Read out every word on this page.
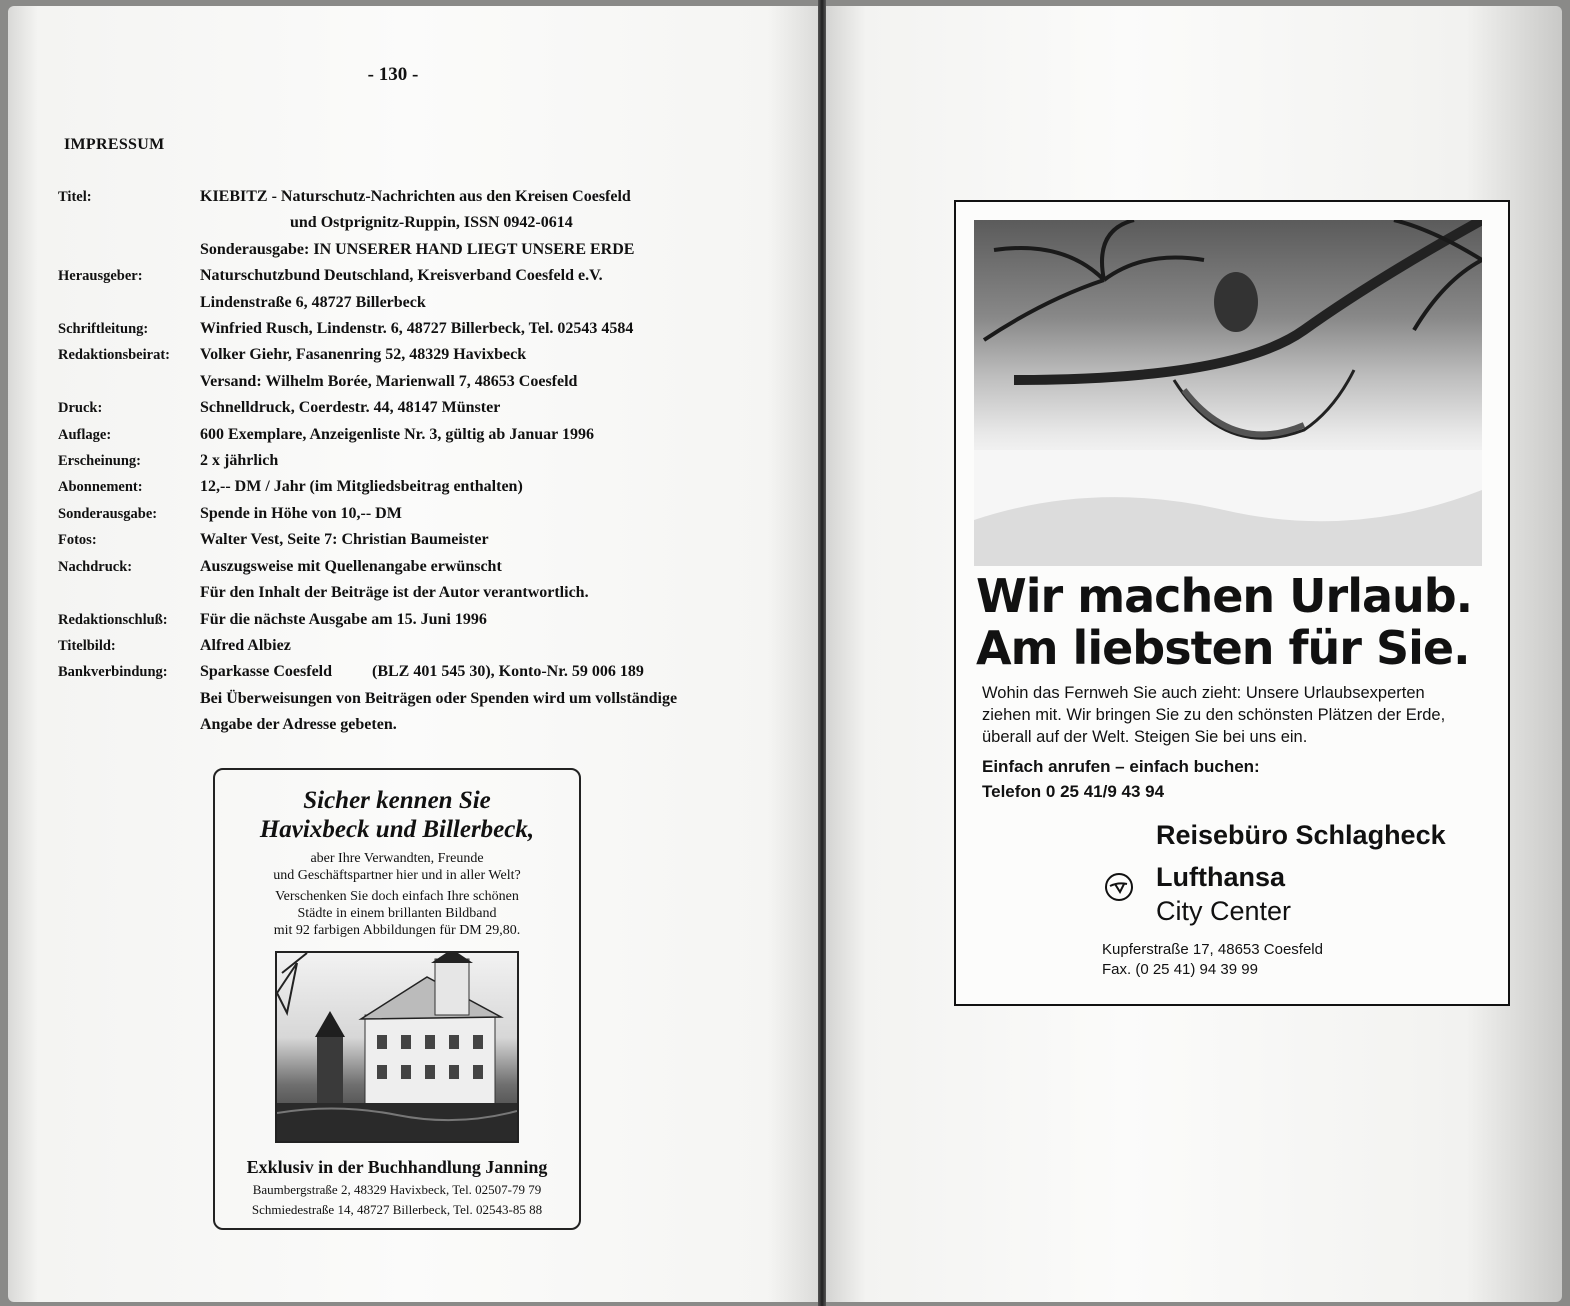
- 130 -
IMPRESSUM
Titel:	KIEBITZ - Naturschutz-Nachrichten aus den Kreisen Coesfeld
und Ostprignitz-Ruppin, ISSN 0942-0614
Sonderausgabe: IN UNSERER HAND LIEGT UNSERE ERDE
Herausgeber:	Naturschutzbund Deutschland, Kreisverband Coesfeld e.V.
Lindenstraße 6, 48727 Billerbeck
Schriftleitung:	Winfried Rusch, Lindenstr. 6, 48727 Billerbeck, Tel. 02543 4584
Redaktionsbeirat:	Volker Giehr, Fasanenring 52, 48329 Havixbeck
Versand: Wilhelm Borée, Marienwall 7, 48653 Coesfeld
Druck:	Schnelldruck, Coerdestr. 44, 48147 Münster
Auflage:	600 Exemplare, Anzeigenliste Nr. 3, gültig ab Januar 1996
Erscheinung:	2 x jährlich
Abonnement:	12,-- DM / Jahr (im Mitgliedsbeitrag enthalten)
Sonderausgabe:	Spende in Höhe von 10,-- DM
Fotos:	Walter Vest, Seite 7: Christian Baumeister
Nachdruck:	Auszugsweise mit Quellenangabe erwünscht
Für den Inhalt der Beiträge ist der Autor verantwortlich.
Redaktionschluß:	Für die nächste Ausgabe am 15. Juni 1996
Titelbild:	Alfred Albiez
Bankverbindung:	Sparkasse Coesfeld          (BLZ 401 545 30), Konto-Nr. 59 006 189
Bei Überweisungen von Beiträgen oder Spenden wird um vollständige
Angabe der Adresse gebeten.
Sicher kennen Sie
Havixbeck und Billerbeck,
aber Ihre Verwandten, Freunde
und Geschäftspartner hier und in aller Welt?
Verschenken Sie doch einfach Ihre schönen
Städte in einem brillanten Bildband
mit 92 farbigen Abbildungen für DM 29,80.
Exklusiv in der Buchhandlung Janning
Baumbergstraße 2, 48329 Havixbeck, Tel. 02507-79 79
Schmiedestraße 14, 48727 Billerbeck, Tel. 02543-85 88
Wir machen Urlaub.
Am liebsten für Sie.
Wohin das Fernweh Sie auch zieht: Unsere Urlaubsexperten
ziehen mit. Wir bringen Sie zu den schönsten Plätzen der Erde,
überall auf der Welt. Steigen Sie bei uns ein.
Einfach anrufen – einfach buchen:
Telefon 0 25 41/9 43 94
Reisebüro Schlagheck
Lufthansa
City Center
Kupferstraße 17, 48653 Coesfeld
Fax. (0 25 41) 94 39 99
